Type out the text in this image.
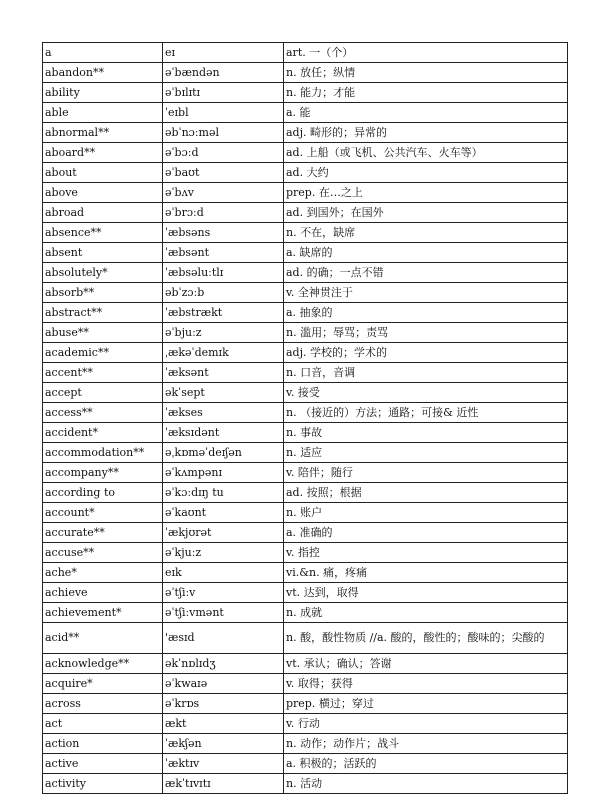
a	eɪ	art. 一（个）
abandon**	əˈbændən	n. 放任；纵情
ability	əˈbɪlɪtɪ	n. 能力；才能
able	ˈeɪbl	a. 能
abnormal**	əbˈnɔːməl	adj. 畸形的；异常的
aboard**	əˈbɔːd	ad. 上船（或飞机、公共汽车、火车等）
about	əˈbaʊt	ad. 大约
above	əˈbʌv	prep. 在…之上
abroad	əˈbrɔːd	ad. 到国外；在国外
absence**	ˈæbsəns	n. 不在，缺席
absent	ˈæbsənt	a. 缺席的
absolutely*	ˈæbsəluːtlɪ	ad. 的确；一点不错
absorb**	əbˈzɔːb	v. 全神贯注于
abstract**	ˈæbstrækt	a. 抽象的
abuse**	əˈbjuːz	n. 滥用；辱骂；责骂
academic**	ˌækəˈdemɪk	adj. 学校的；学术的
accent**	ˈæksənt	n. 口音，音调
accept	əkˈsept	v. 接受
access**	ˈækses	n. （接近的）方法；通路；可接& 近性
accident*	ˈæksɪdənt	n. 事故
accommodation**	əˌkɒməˈdeɪʃən	n. 适应
accompany**	əˈkʌmpənɪ	v. 陪伴；随行
according to	əˈkɔːdɪŋ tu	ad. 按照；根据
account*	əˈkaʊnt	n. 账户
accurate**	ˈækjʊrət	a. 准确的
accuse**	əˈkjuːz	v. 指控
ache*	eɪk	vi.&n. 痛，疼痛
achieve	əˈtʃiːv	vt. 达到，取得
achievement*	əˈtʃiːvmənt	n. 成就
acid**	'æsɪd	n. 酸，酸性物质 //a. 酸的，酸性的；酸味的；尖酸的
acknowledge**	əkˈnɒlɪdʒ	vt. 承认；确认；答谢
acquire*	əˈkwaɪə	v. 取得；获得
across	əˈkrɒs	prep. 横过；穿过
act	ækt	v. 行动
action	ˈækʃən	n. 动作；动作片；战斗
active	ˈæktɪv	a. 积极的；活跃的
activity	ækˈtɪvɪtɪ	n. 活动
